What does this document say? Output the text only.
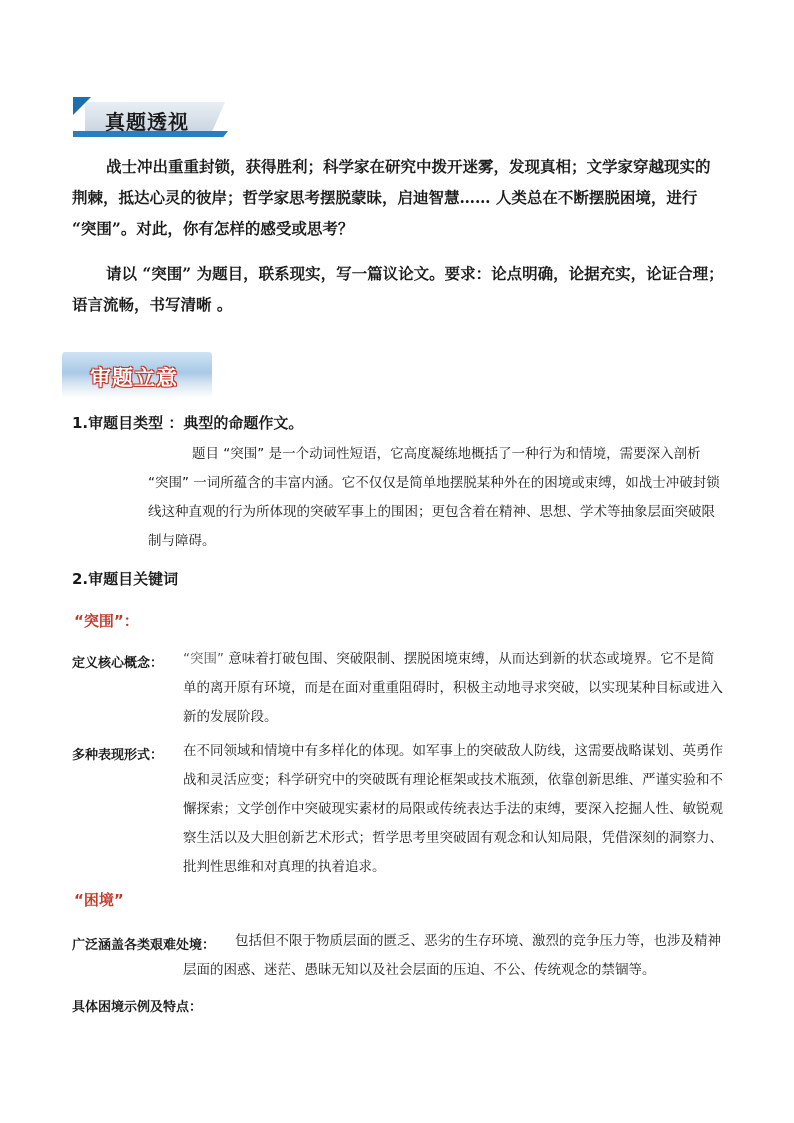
真题透视
战士冲出重重封锁，获得胜利；科学家在研究中拨开迷雾，发现真相；文学家穿越现实的荆棘，抵达心灵的彼岸；哲学家思考摆脱蒙昧，启迪智慧…… 人类总在不断摆脱困境，进行 “突围”。对此，你有怎样的感受或思考？
请以 “突围” 为题目，联系现实，写一篇议论文。要求：论点明确，论据充实，论证合理；语言流畅，书写清晰 。
审题立意
1.审题目类型 ：典型的命题作文。
题目 “突围” 是一个动词性短语，它高度凝练地概括了一种行为和情境，需要深入剖析 “突围” 一词所蕴含的丰富内涵。它不仅仅是简单地摆脱某种外在的困境或束缚，如战士冲破封锁线这种直观的行为所体现的突破军事上的围困；更包含着在精神、思想、学术等抽象层面突破限制与障碍。
2.审题目关键词
“突围”：
定义核心概念： “突围” 意味着打破包围、突破限制、摆脱困境束缚，从而达到新的状态或境界。它不是简单的离开原有环境，而是在面对重重阻碍时，积极主动地寻求突破，以实现某种目标或进入新的发展阶段。
多种表现形式： 在不同领域和情境中有多样化的体现。如军事上的突破敌人防线，这需要战略谋划、英勇作战和灵活应变；科学研究中的突破既有理论框架或技术瓶颈，依靠创新思维、严谨实验和不懈探索；文学创作中突破现实素材的局限或传统表达手法的束缚，要深入挖掘人性、敏锐观察生活以及大胆创新艺术形式；哲学思考里突破固有观念和认知局限，凭借深刻的洞察力、批判性思维和对真理的执着追求。
“困境”
广泛涵盖各类艰难处境：	包括但不限于物质层面的匮乏、恶劣的生存环境、激烈的竞争压力等，也涉及精神层面的困惑、迷茫、愚昧无知以及社会层面的压迫、不公、传统观念的禁锢等。
具体困境示例及特点：
